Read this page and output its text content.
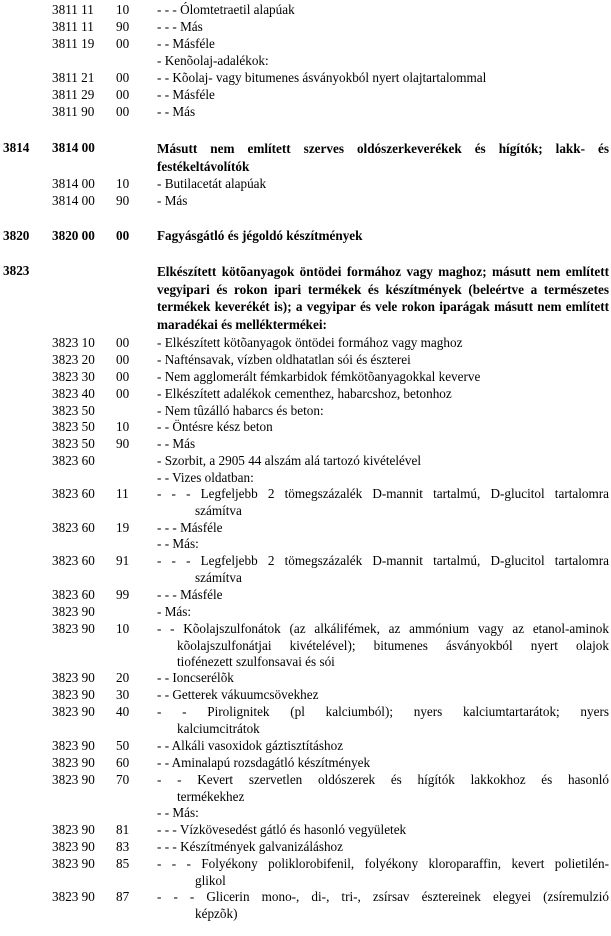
3811 11	10	- - - Ólomtetraetil alapúak
3811 11	90	- - - Más
3811 19	00	- - Másféle
- Kenõolaj-adalékok:
3811 21	00	- - Kõolaj- vagy bitumenes ásványokból nyert olajtartalommal
3811 29	00	- - Másféle
3811 90	00	- - Más
3814	3814 00	Másutt nem említett szerves oldószerkeverékek és hígítók; lakk- és festékeltávolítók
3814 00	10	- Butilacetát alapúak
3814 00	90	- Más
3820	3820 00	00	Fagyásgátló és jégoldó készítmények
3823	Elkészített kötõanyagok öntödei formához vagy maghoz; másutt nem említett vegyipari és rokon ipari termékek és készítmények (beleértve a természetes termékek keverékét is); a vegyipar és vele rokon iparágak másutt nem említett maradékai és melléktermékei:
3823 10	00	- Elkészített kötõanyagok öntödei formához vagy maghoz
3823 20	00	- Nafténsavak, vízben oldhatatlan sói és észterei
3823 30	00	- Nem agglomerált fémkarbidok fémkötõanyagokkal keverve
3823 40	00	- Elkészített adalékok cementhez, habarcshoz, betonhoz
3823 50	- Nem tûzálló habarcs és beton:
3823 50	10	- - Öntésre kész beton
3823 50	90	- - Más
3823 60	- Szorbit, a 2905 44 alszám alá tartozó kivételével
- - Vizes oldatban:
3823 60	11	- - - Legfeljebb 2 tömegszázalék D-mannit tartalmú, D-glucitol tartalomra
számítva
3823 60	19	- - - Másféle
- - Más:
3823 60	91	- - - Legfeljebb 2 tömegszázalék D-mannit tartalmú, D-glucitol tartalomra
számítva
3823 60	99	- - - Másféle
3823 90	- Más:
3823 90	10	- - Kõolajszulfonátok (az alkálifémek, az ammónium vagy az etanol-aminok
kõolajszulfonátjai kivételével); bitumenes ásványokból nyert olajok
tiofénezett szulfonsavai és sói
3823 90	20	- - Ioncserélõk
3823 90	30	- - Getterek vákuumcsövekhez
3823 90	40	- - Pirolignitek (pl kalciumból); nyers kalciumtartarátok; nyers
kalciumcitrátok
3823 90	50	- - Alkáli vasoxidok gáztisztításhoz
3823 90	60	- - Aminalapú rozsdagátló készítmények
3823 90	70	- - Kevert szervetlen oldószerek és hígítók lakkokhoz és hasonló
termékekhez
- - Más:
3823 90	81	- - - Vízkövesedést gátló és hasonló vegyületek
3823 90	83	- - - Készítmények galvanizáláshoz
3823 90	85	- - - Folyékony poliklorobifenil, folyékony kloroparaffin, kevert polietilén-
glikol
3823 90	87	- - - Glicerin mono-, di-, tri-, zsírsav észtereinek elegyei (zsíremulzió
képzõk)
